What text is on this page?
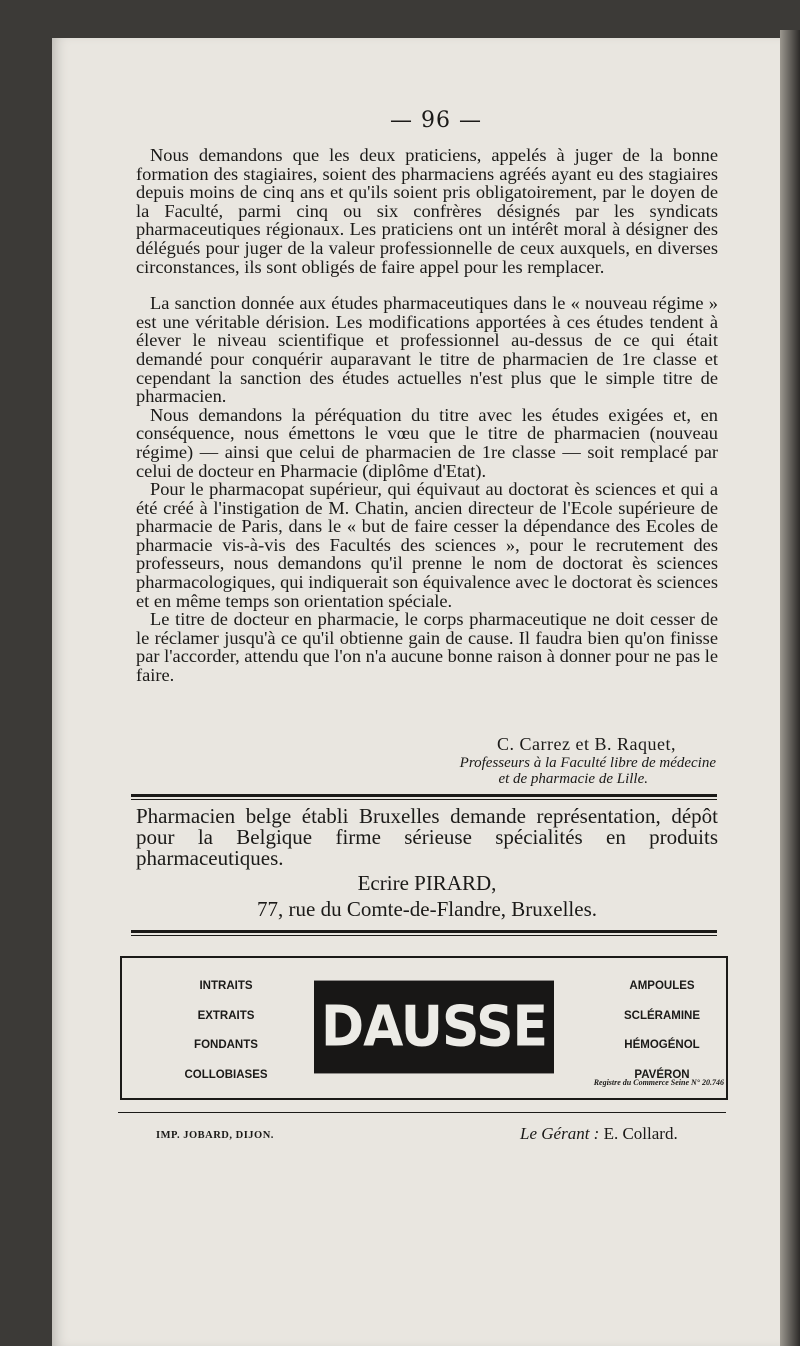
— 96 —

Nous demandons que les deux praticiens, appelés à juger de la bonne formation des stagiaires, soient des pharmaciens agréés ayant eu des stagiaires depuis moins de cinq ans et qu'ils soient pris obligatoirement, par le doyen de la Faculté, parmi cinq ou six confrères désignés par les syndicats pharmaceutiques régionaux. Les praticiens ont un intérêt moral à désigner des délégués pour juger de la valeur professionnelle de ceux auxquels, en diverses circonstances, ils sont obligés de faire appel pour les remplacer.

La sanction donnée aux études pharmaceutiques dans le « nouveau régime » est une véritable dérision. Les modifications apportées à ces études tendent à élever le niveau scientifique et professionnel au-dessus de ce qui était demandé pour conquérir auparavant le titre de pharmacien de 1re classe et cependant la sanction des études actuelles n'est plus que le simple titre de pharmacien.

Nous demandons la péréquation du titre avec les études exigées et, en conséquence, nous émettons le vœu que le titre de pharmacien (nouveau régime) — ainsi que celui de pharmacien de 1re classe — soit remplacé par celui de docteur en Pharmacie (diplôme d'Etat).

Pour le pharmacopat supérieur, qui équivaut au doctorat ès sciences et qui a été créé à l'instigation de M. Chatin, ancien directeur de l'Ecole supérieure de pharmacie de Paris, dans le « but de faire cesser la dépendance des Ecoles de pharmacie vis-à-vis des Facultés des sciences », pour le recrutement des professeurs, nous demandons qu'il prenne le nom de doctorat ès sciences pharmacologiques, qui indiquerait son équivalence avec le doctorat ès sciences et en même temps son orientation spéciale.

Le titre de docteur en pharmacie, le corps pharmaceutique ne doit cesser de le réclamer jusqu'à ce qu'il obtienne gain de cause. Il faudra bien qu'on finisse par l'accorder, attendu que l'on n'a aucune bonne raison à donner pour ne pas le faire.

C. Carrez et B. Raquet,
Professeurs à la Faculté libre de médecine
et de pharmacie de Lille.
Pharmacien belge établi Bruxelles demande représentation, dépôt pour la Belgique firme sérieuse spécialités en produits pharmaceutiques.
Ecrire PIRARD,
77, rue du Comte-de-Flandre, Bruxelles.
INTRAITS
EXTRAITS
FONDANTS
COLLOBIASES
DAUSSE
AMPOULES
SCLÉRAMINE
HÉMOGÉNOL
PAVÉRON
Registre du Commerce Seine N° 20.746
IMP. JOBARD, DIJON.	Le Gérant : E. Collard.
